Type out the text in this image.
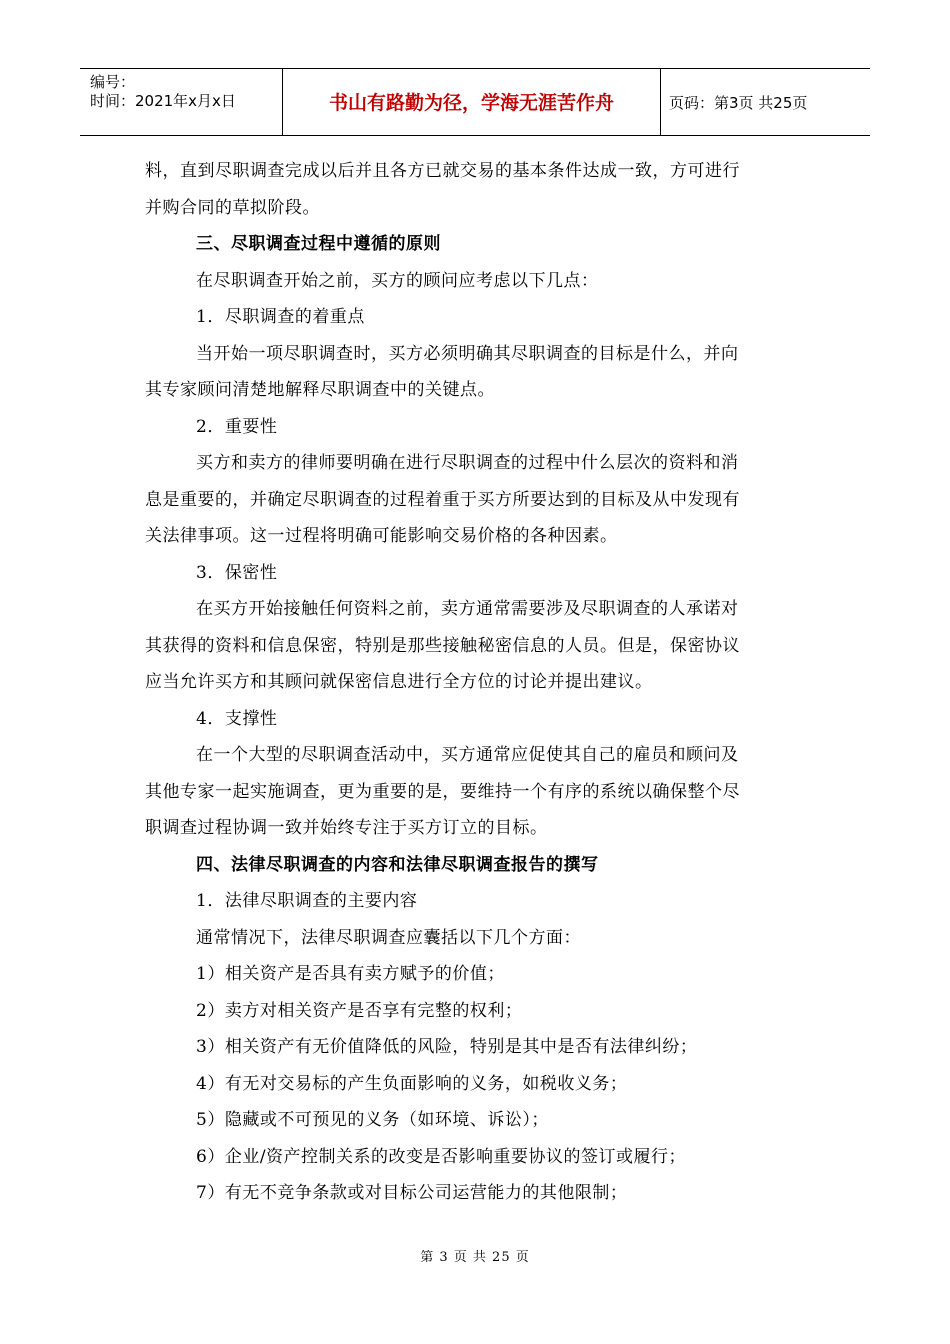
编号：
时间：2021年x月x日	书山有路勤为径，学海无涯苦作舟	页码：第3页 共25页
料，直到尽职调查完成以后并且各方已就交易的基本条件达成一致，方可进行
并购合同的草拟阶段。
三、尽职调查过程中遵循的原则
在尽职调查开始之前，买方的顾问应考虑以下几点：
1．尽职调查的着重点
当开始一项尽职调查时，买方必须明确其尽职调查的目标是什么，并向
其专家顾问清楚地解释尽职调查中的关键点。
2．重要性
买方和卖方的律师要明确在进行尽职调查的过程中什么层次的资料和消
息是重要的，并确定尽职调查的过程着重于买方所要达到的目标及从中发现有
关法律事项。这一过程将明确可能影响交易价格的各种因素。
3．保密性
在买方开始接触任何资料之前，卖方通常需要涉及尽职调查的人承诺对
其获得的资料和信息保密，特别是那些接触秘密信息的人员。但是，保密协议
应当允许买方和其顾问就保密信息进行全方位的讨论并提出建议。
4．支撑性
在一个大型的尽职调查活动中，买方通常应促使其自己的雇员和顾问及
其他专家一起实施调查，更为重要的是，要维持一个有序的系统以确保整个尽
职调查过程协调一致并始终专注于买方订立的目标。
四、法律尽职调查的内容和法律尽职调查报告的撰写
1．法律尽职调查的主要内容
通常情况下，法律尽职调查应囊括以下几个方面：
1）相关资产是否具有卖方赋予的价值；
2）卖方对相关资产是否享有完整的权利；
3）相关资产有无价值降低的风险，特别是其中是否有法律纠纷；
4）有无对交易标的产生负面影响的义务，如税收义务；
5）隐藏或不可预见的义务（如环境、诉讼）；
6）企业/资产控制关系的改变是否影响重要协议的签订或履行；
7）有无不竞争条款或对目标公司运营能力的其他限制；
第 3 页 共 25 页
